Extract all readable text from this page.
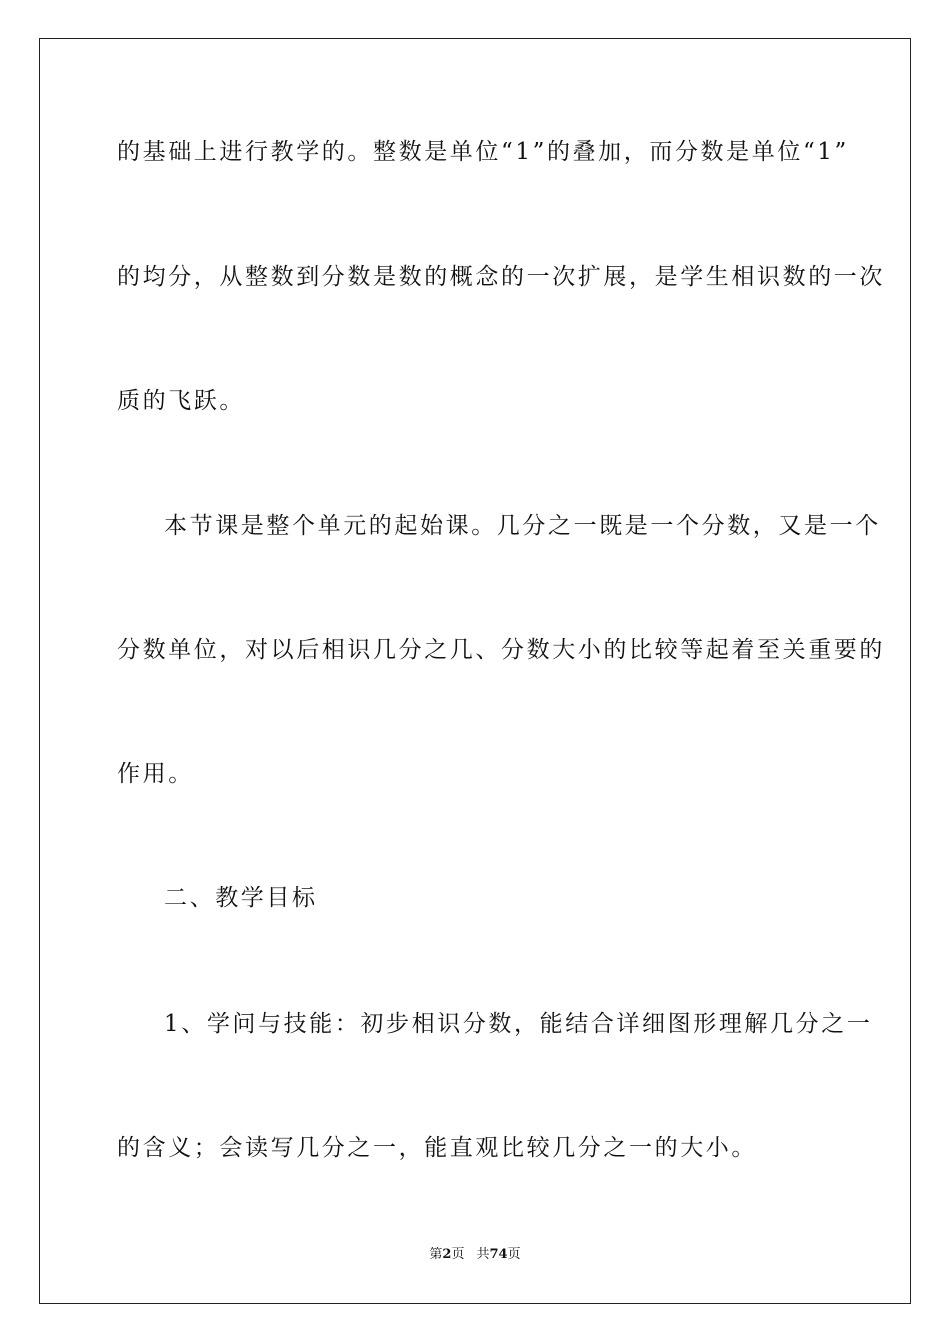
的基础上进行教学的。整数是单位“1”的叠加，而分数是单位“1”
的均分，从整数到分数是数的概念的一次扩展，是学生相识数的一次
质的飞跃。
本节课是整个单元的起始课。几分之一既是一个分数，又是一个
分数单位，对以后相识几分之几、分数大小的比较等起着至关重要的
作用。
二、教学目标
1、学问与技能：初步相识分数，能结合详细图形理解几分之一
的含义；会读写几分之一，能直观比较几分之一的大小。
第2页 共74页
